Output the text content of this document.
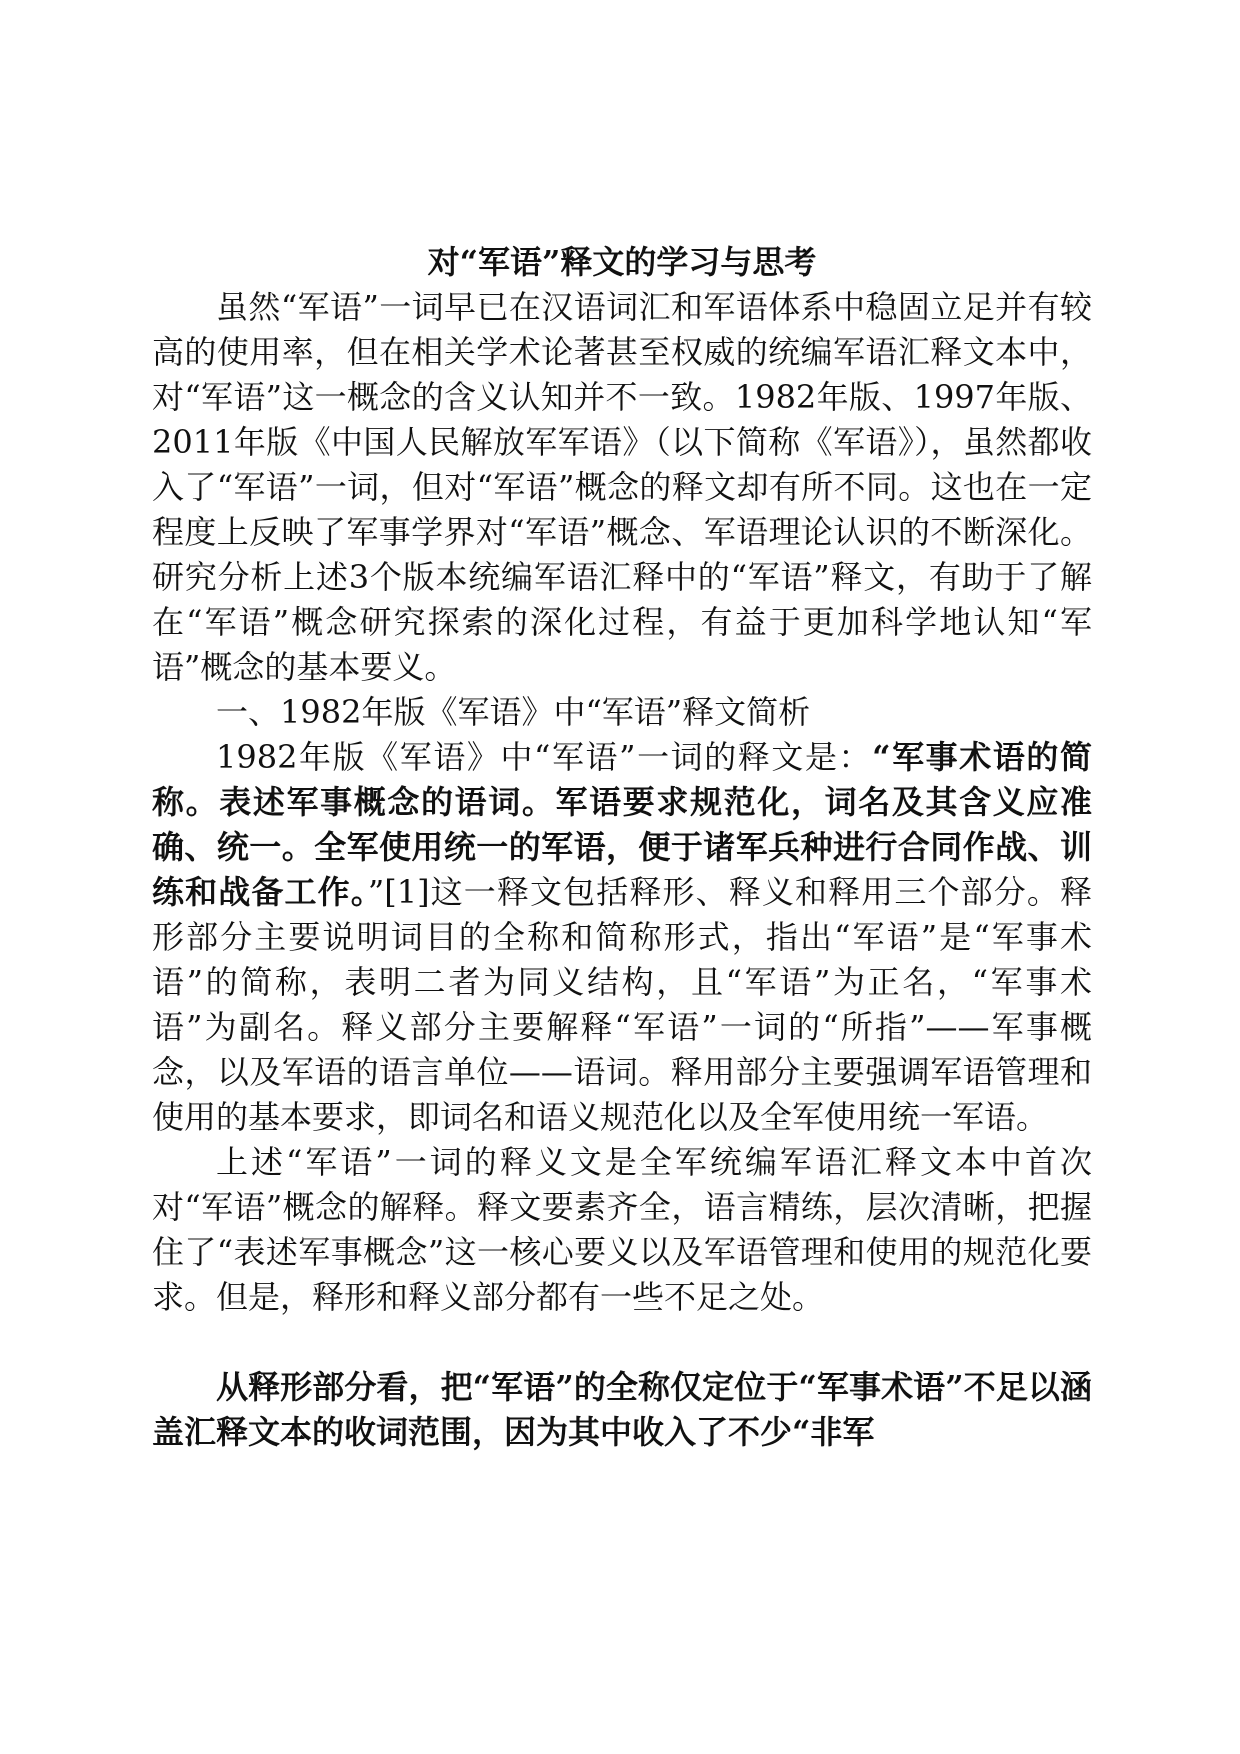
对“军语”释文的学习与思考

虽然“军语”一词早已在汉语词汇和军语体系中稳固立足并有较高的使用率，但在相关学术论著甚至权威的统编军语汇释文本中，对“军语”这一概念的含义认知并不一致。1982年版、1997年版、2011年版《中国人民解放军军语》（以下简称《军语》），虽然都收入了“军语”一词，但对“军语”概念的释文却有所不同。这也在一定程度上反映了军事学界对“军语”概念、军语理论认识的不断深化。研究分析上述3个版本统编军语汇释中的“军语”释文，有助于了解在“军语”概念研究探索的深化过程，有益于更加科学地认知“军语”概念的基本要义。

一、1982年版《军语》中“军语”释文简析

1982年版《军语》中“军语”一词的释文是：“军事术语的简称。表述军事概念的语词。军语要求规范化，词名及其含义应准确、统一。全军使用统一的军语，便于诸军兵种进行合同作战、训练和战备工作。”[1]这一释文包括释形、释义和释用三个部分。释形部分主要说明词目的全称和简称形式，指出“军语”是“军事术语”的简称，表明二者为同义结构，且“军语”为正名，“军事术语”为副名。释义部分主要解释“军语”一词的“所指”——军事概念，以及军语的语言单位——语词。释用部分主要强调军语管理和使用的基本要求，即词名和语义规范化以及全军使用统一军语。

上述“军语”一词的释义文是全军统编军语汇释文本中首次对“军语”概念的解释。释文要素齐全，语言精练，层次清晰，把握住了“表述军事概念”这一核心要义以及军语管理和使用的规范化要求。但是，释形和释义部分都有一些不足之处。

从释形部分看，把“军语”的全称仅定位于“军事术语”不足以涵盖汇释文本的收词范围，因为其中收入了不少“非军
